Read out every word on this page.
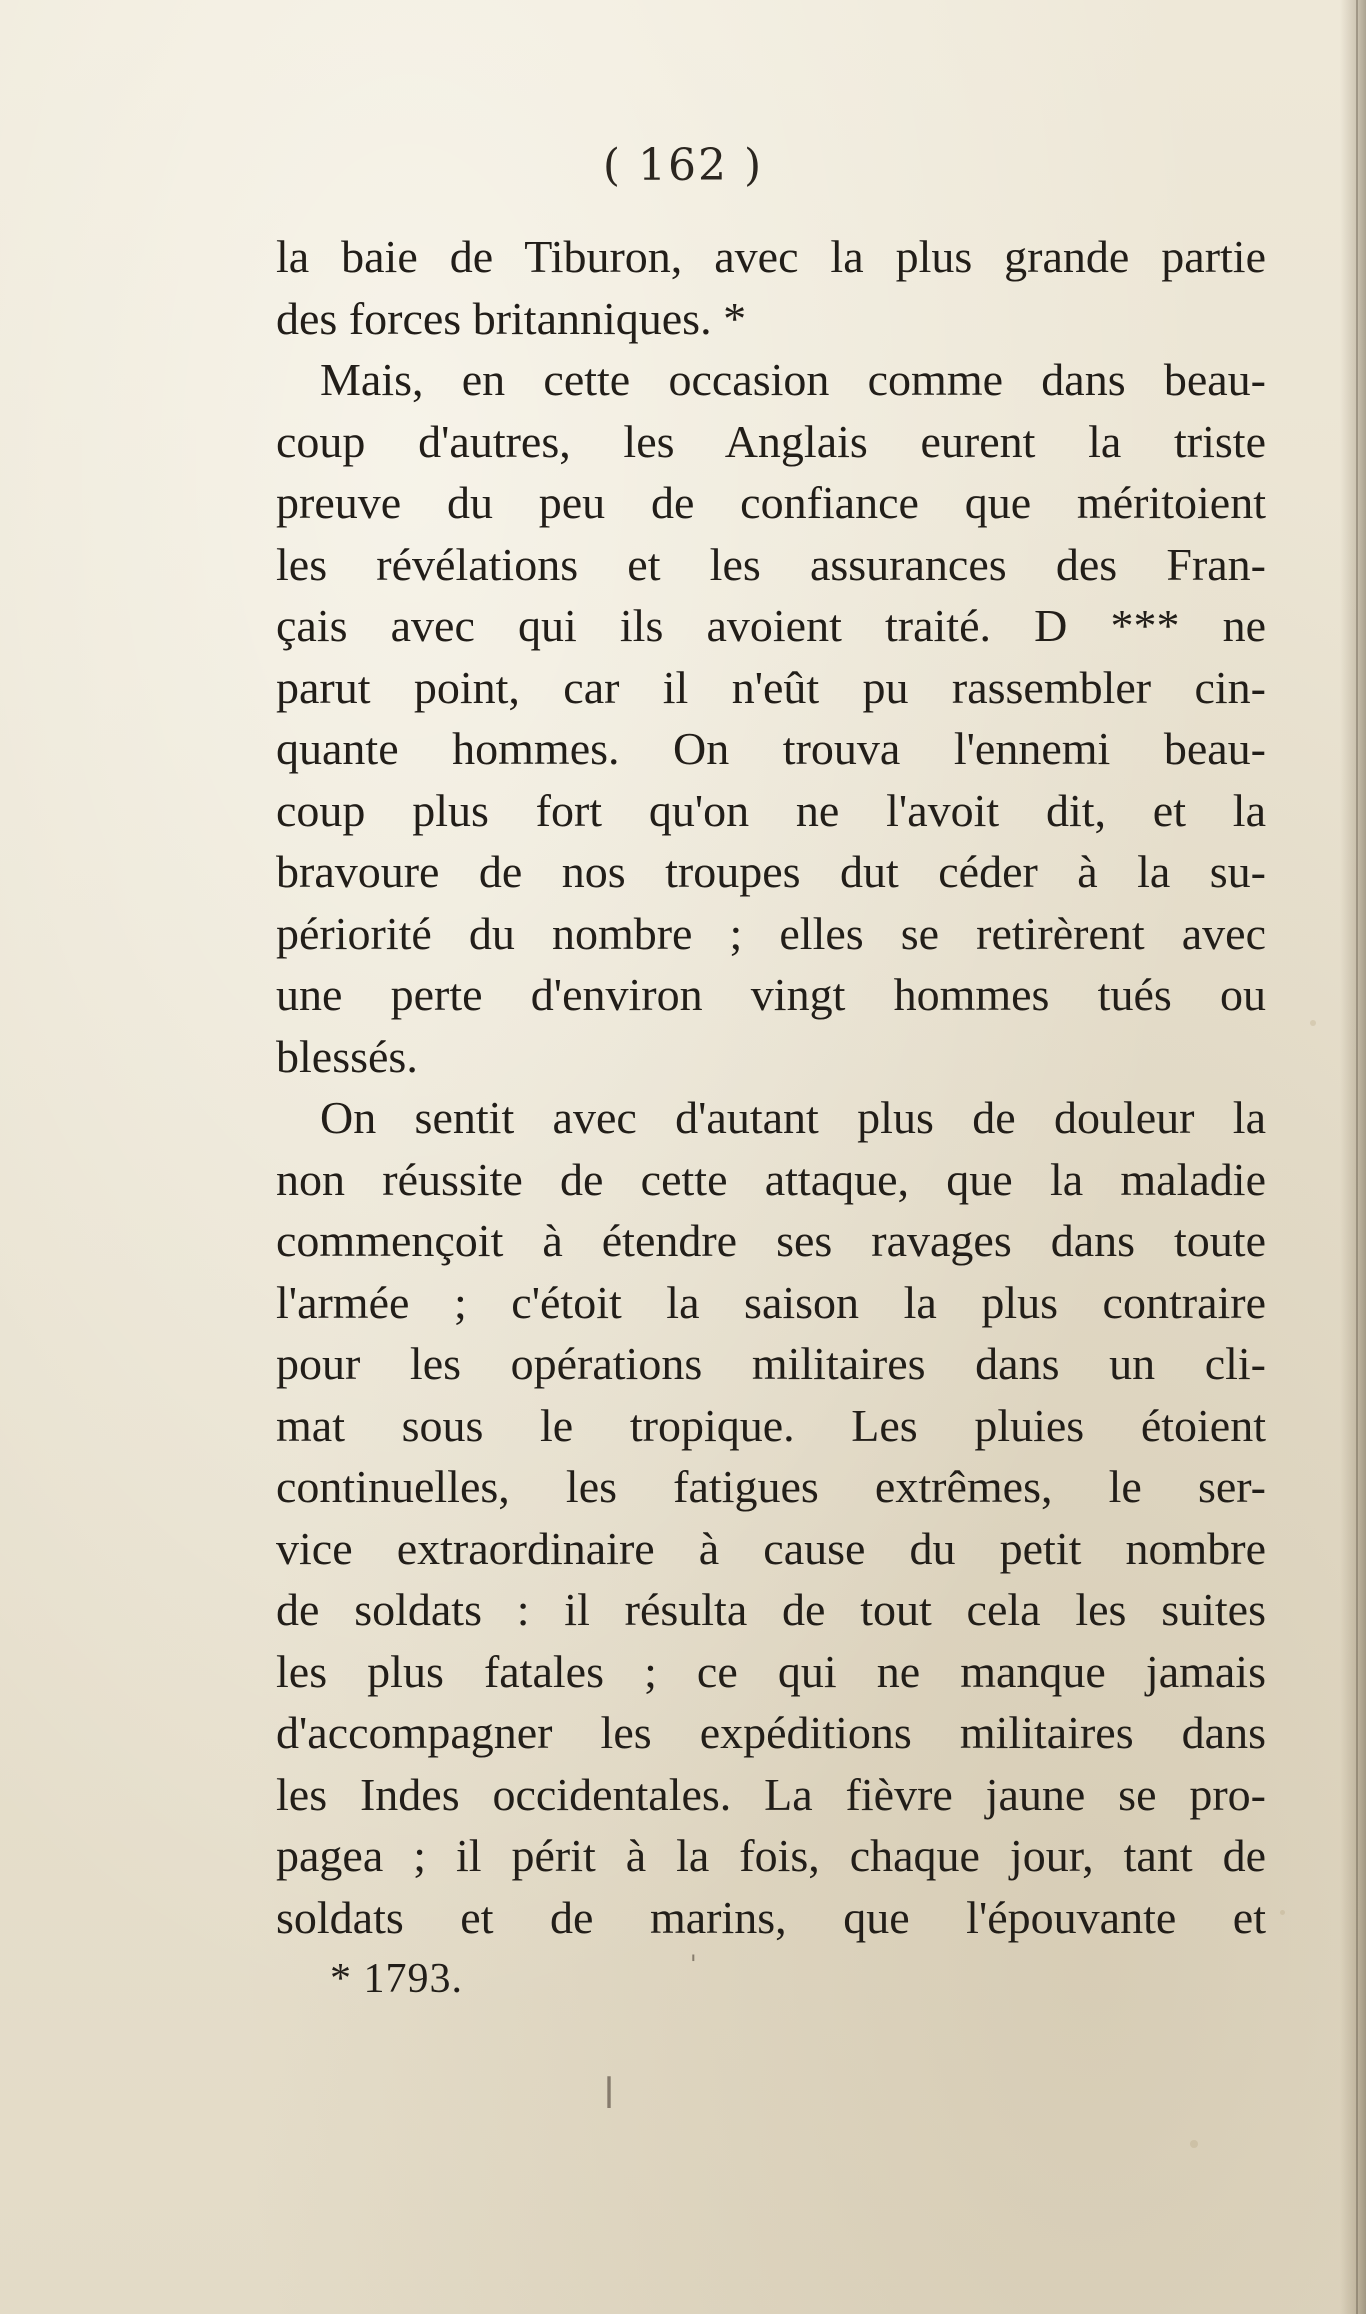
ǀ
'
( 162 )
la baie de Tiburon, avec la plus grande partie
des forces britanniques. *
Mais, en cette occasion comme dans beau-
coup d'autres, les Anglais eurent la triste
preuve du peu de confiance que méritoient
les révélations et les assurances des Fran-
çais avec qui ils avoient traité. D *** ne
parut point, car il n'eût pu rassembler cin-
quante hommes. On trouva l'ennemi beau-
coup plus fort qu'on ne l'avoit dit, et la
bravoure de nos troupes dut céder à la su-
périorité du nombre ; elles se retirèrent avec
une perte d'environ vingt hommes tués ou
blessés.
On sentit avec d'autant plus de douleur la
non réussite de cette attaque, que la maladie
commençoit à étendre ses ravages dans toute
l'armée ; c'étoit la saison la plus contraire
pour les opérations militaires dans un cli-
mat sous le tropique. Les pluies étoient
continuelles, les fatigues extrêmes, le ser-
vice extraordinaire à cause du petit nombre
de soldats : il résulta de tout cela les suites
les plus fatales ; ce qui ne manque jamais
d'accompagner les expéditions militaires dans
les Indes occidentales. La fièvre jaune se pro-
pagea ; il périt à la fois, chaque jour, tant de
soldats et de marins, que l'épouvante et
* 1793.
